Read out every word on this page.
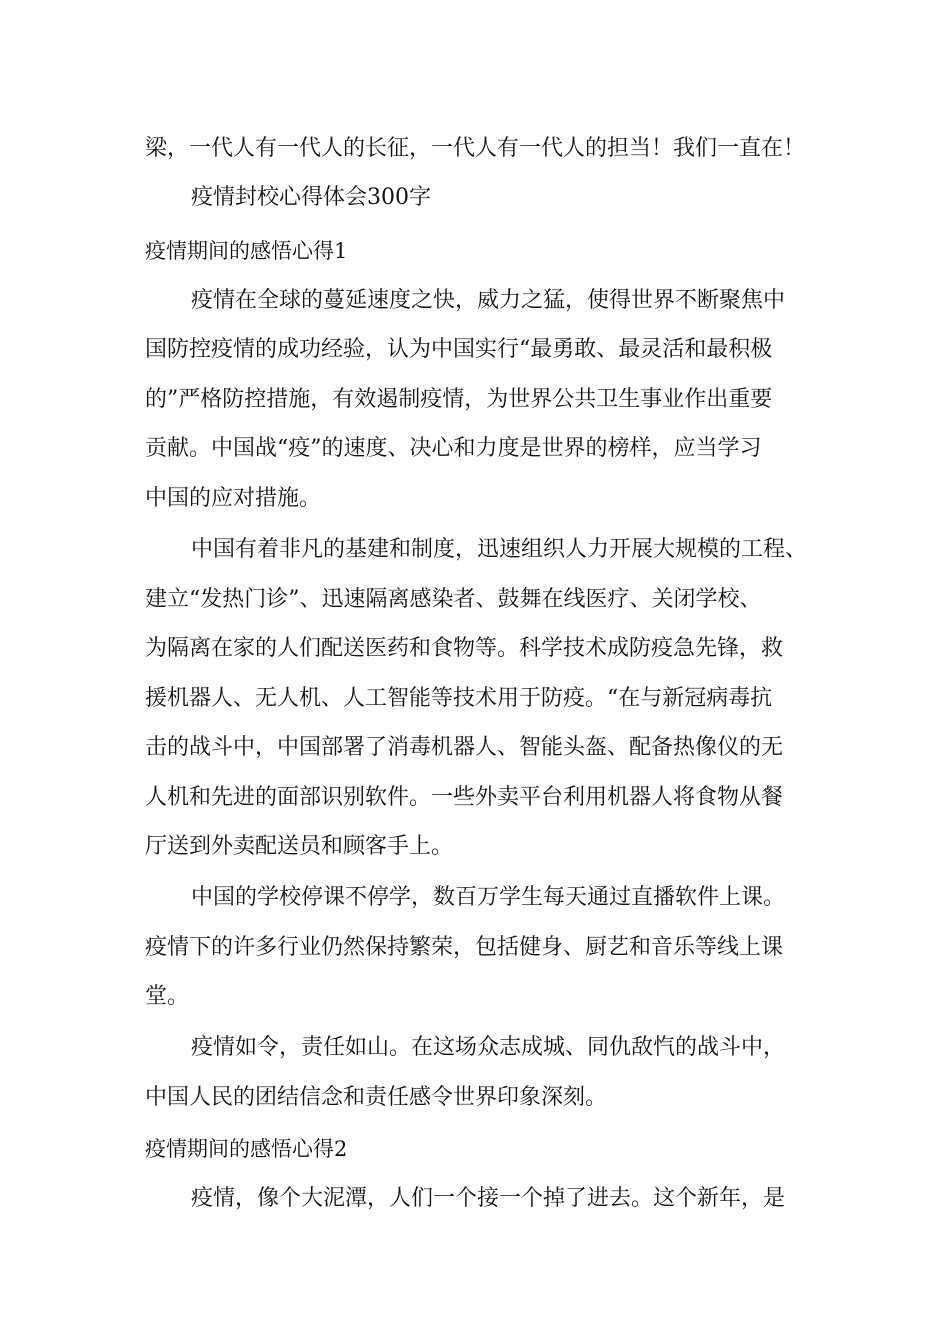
梁，一代人有一代人的长征，一代人有一代人的担当！我们一直在！
疫情封校心得体会300字
疫情期间的感悟心得1
疫情在全球的蔓延速度之快，威力之猛，使得世界不断聚焦中
国防控疫情的成功经验，认为中国实行“最勇敢、最灵活和最积极
的”严格防控措施，有效遏制疫情，为世界公共卫生事业作出重要
贡献。中国战“疫”的速度、决心和力度是世界的榜样，应当学习
中国的应对措施。
中国有着非凡的基建和制度，迅速组织人力开展大规模的工程、
建立“发热门诊”、迅速隔离感染者、鼓舞在线医疗、关闭学校、
为隔离在家的人们配送医药和食物等。科学技术成防疫急先锋，救
援机器人、无人机、人工智能等技术用于防疫。“在与新冠病毒抗
击的战斗中，中国部署了消毒机器人、智能头盔、配备热像仪的无
人机和先进的面部识别软件。一些外卖平台利用机器人将食物从餐
厅送到外卖配送员和顾客手上。
中国的学校停课不停学，数百万学生每天通过直播软件上课。
疫情下的许多行业仍然保持繁荣，包括健身、厨艺和音乐等线上课
堂。
疫情如令，责任如山。在这场众志成城、同仇敌忾的战斗中，
中国人民的团结信念和责任感令世界印象深刻。
疫情期间的感悟心得2
疫情，像个大泥潭，人们一个接一个掉了进去。这个新年，是
